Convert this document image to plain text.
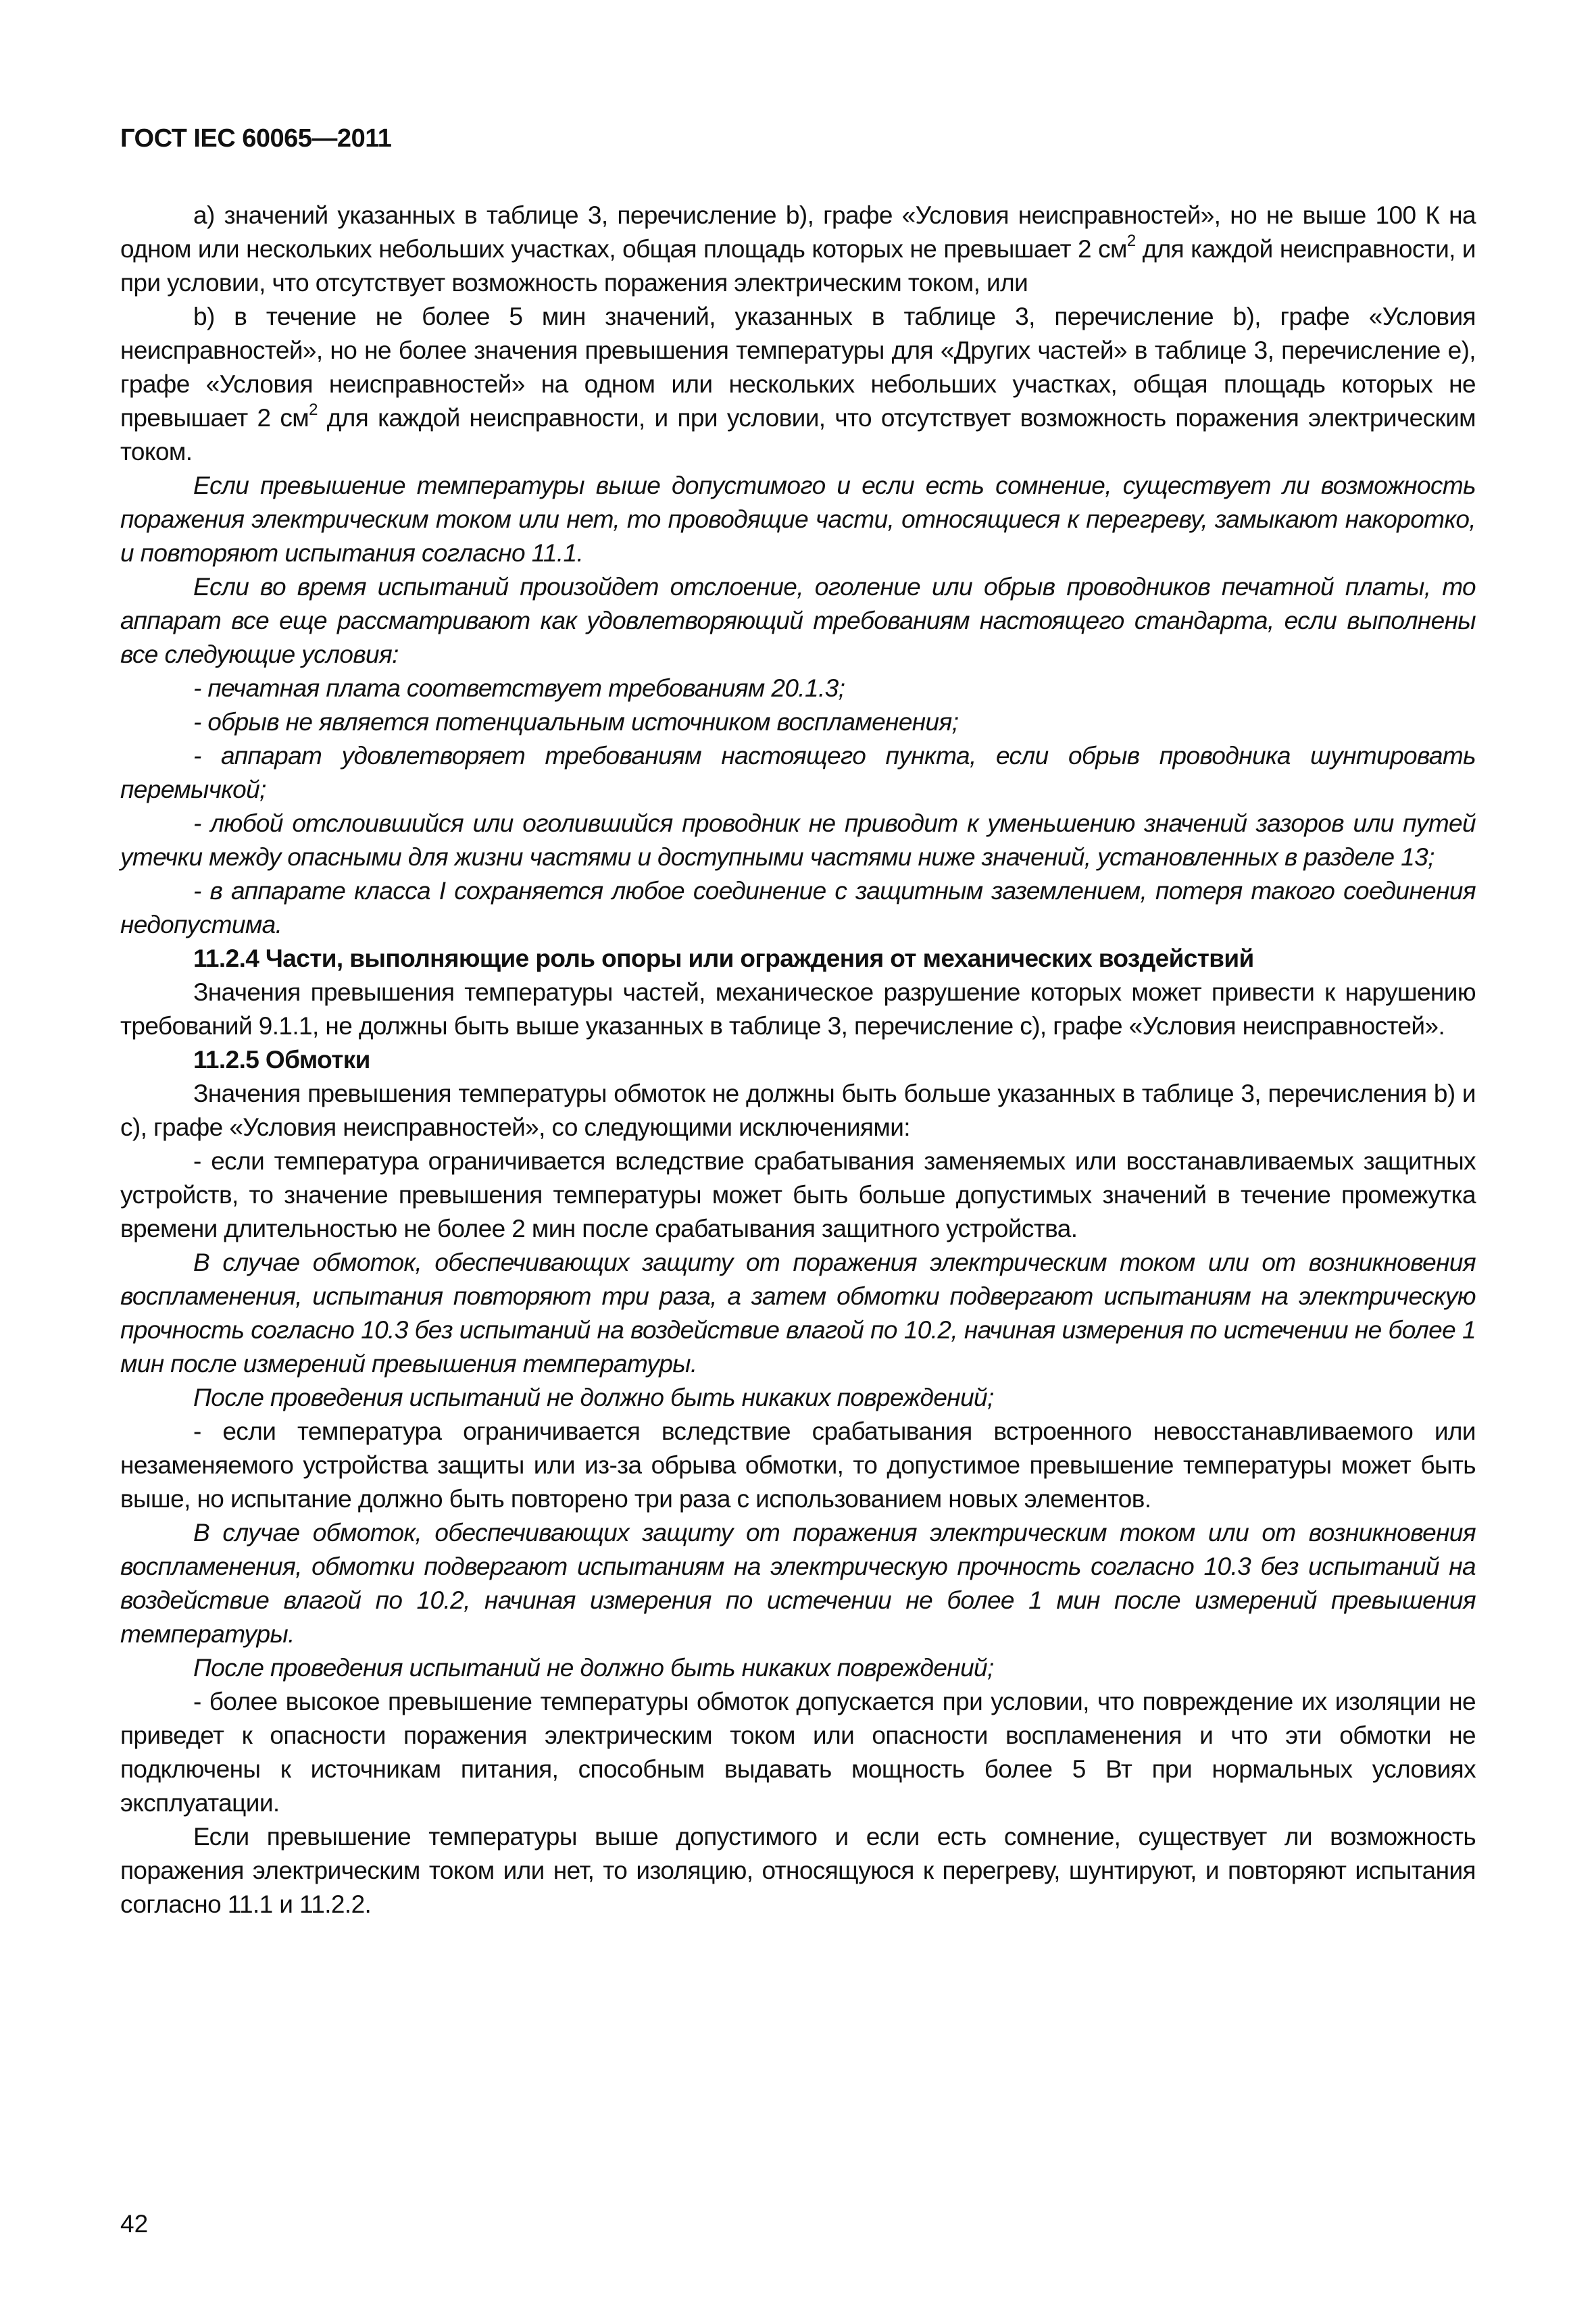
ГОСТ IEC 60065—2011

а) значений указанных в таблице 3, перечисление b), графе «Условия неисправностей», но не выше 100 К на одном или нескольких небольших участках, общая площадь которых не превышает 2 $см^2$ для каждой неисправности, и при условии, что отсутствует возможность поражения электрическим током, или

b) в течение не более 5 мин значений, указанных в таблице 3, перечисление b), графе «Условия неисправностей», но не более значения превышения температуры для «Других частей» в таблице 3, перечисление e), графе «Условия неисправностей» на одном или нескольких небольших участках, общая площадь которых не превышает 2 $см^2$ для каждой неисправности, и при условии, что отсутствует возможность поражения электрическим током.

Если превышение температуры выше допустимого и если есть сомнение, существует ли возможность поражения электрическим током или нет, то проводящие части, относящиеся к перегреву, замыкают накоротко, и повторяют испытания согласно 11.1.

Если во время испытаний произойдет отслоение, оголение или обрыв проводников печатной платы, то аппарат все еще рассматривают как удовлетворяющий требованиям настоящего стандарта, если выполнены все следующие условия:

- печатная плата соответствует требованиям 20.1.3;

- обрыв не является потенциальным источником воспламенения;

- аппарат удовлетворяет требованиям настоящего пункта, если обрыв проводника шунтировать перемычкой;

- любой отслоившийся или оголившийся проводник не приводит к уменьшению значений зазоров или путей утечки между опасными для жизни частями и доступными частями ниже значений, установленных в разделе 13;

- в аппарате класса I сохраняется любое соединение с защитным заземлением, потеря такого соединения недопустима.

11.2.4 Части, выполняющие роль опоры или ограждения от механических воздействий

Значения превышения температуры частей, механическое разрушение которых может привести к нарушению требований 9.1.1, не должны быть выше указанных в таблице 3, перечисление с), графе «Условия неисправностей».

11.2.5 Обмотки

Значения превышения температуры обмоток не должны быть больше указанных в таблице 3, перечисления b) и с), графе «Условия неисправностей», со следующими исключениями:

- если температура ограничивается вследствие срабатывания заменяемых или восстанавливаемых защитных устройств, то значение превышения температуры может быть больше допустимых значений в течение промежутка времени длительностью не более 2 мин после срабатывания защитного устройства.

В случае обмоток, обеспечивающих защиту от поражения электрическим током или от возникновения воспламенения, испытания повторяют три раза, а затем обмотки подвергают испытаниям на электрическую прочность согласно 10.3 без испытаний на воздействие влагой по 10.2, начиная измерения по истечении не более 1 мин после измерений превышения температуры.

После проведения испытаний не должно быть никаких повреждений;

- если температура ограничивается вследствие срабатывания встроенного невосстанавливаемого или незаменяемого устройства защиты или из-за обрыва обмотки, то допустимое превышение температуры может быть выше, но испытание должно быть повторено три раза с использованием новых элементов.

В случае обмоток, обеспечивающих защиту от поражения электрическим током или от возникновения воспламенения, обмотки подвергают испытаниям на электрическую прочность согласно 10.3 без испытаний на воздействие влагой по 10.2, начиная измерения по истечении не более 1 мин после измерений превышения температуры.

После проведения испытаний не должно быть никаких повреждений;

- более высокое превышение температуры обмоток допускается при условии, что повреждение их изоляции не приведет к опасности поражения электрическим током или опасности воспламенения и что эти обмотки не подключены к источникам питания, способным выдавать мощность более 5 Вт при нормальных условиях эксплуатации.

Если превышение температуры выше допустимого и если есть сомнение, существует ли возможность поражения электрическим током или нет, то изоляцию, относящуюся к перегреву, шунтируют, и повторяют испытания согласно 11.1 и 11.2.2.

42
